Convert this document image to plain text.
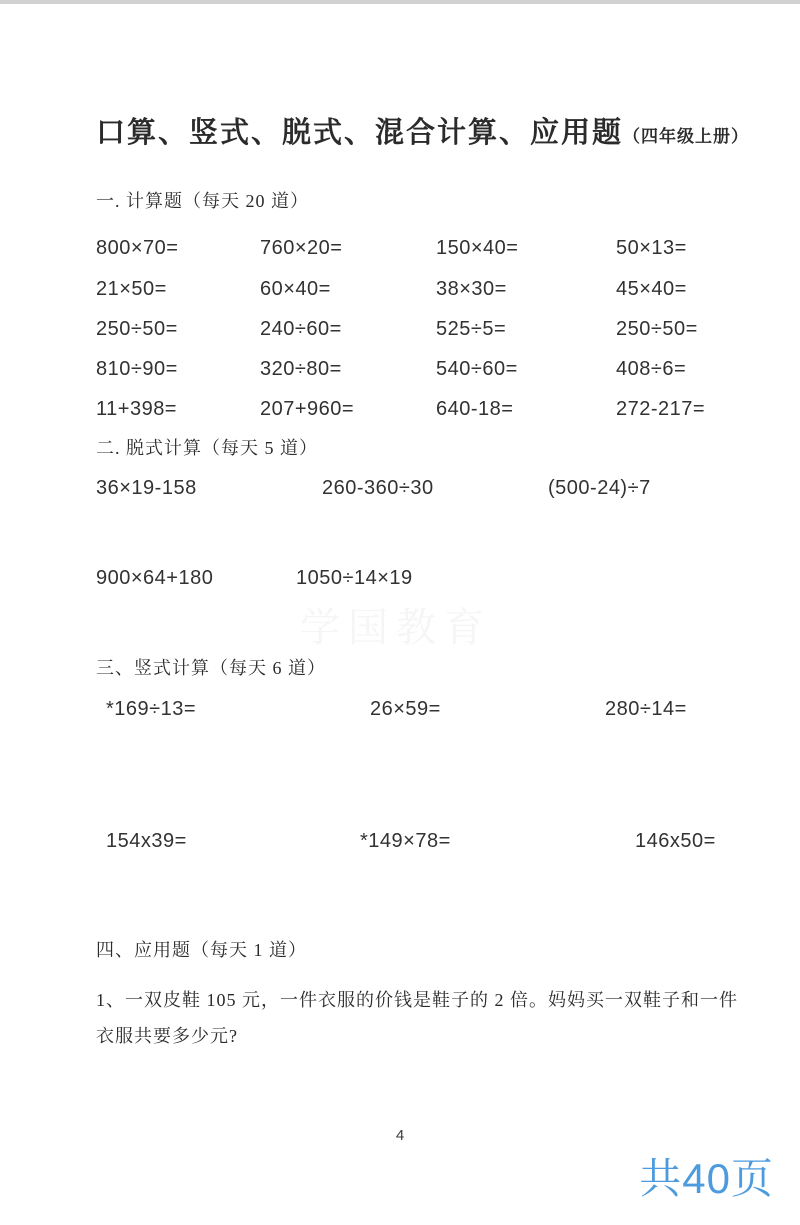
口算、竖式、脱式、混合计算、应用题（四年级上册）
一. 计算题（每天 20 道）
800×70=	760×20=	150×40=	50×13=
21×50=	60×40=	38×30=	45×40=
250÷50=	240÷60=	525÷5=	250÷50=
810÷90=	320÷80=	540÷60=	408÷6=
11+398=	207+960=	640-18=	272-217=
二. 脱式计算（每天 5 道）
36×19-158	260-360÷30	(500-24)÷7
900×64+180	1050÷14×19
学国教育
三、竖式计算（每天 6 道）
*169÷13=	26×59=	280÷14=
154x39=	*149×78=	146x50=
四、应用题（每天 1 道）
1、一双皮鞋 105 元，一件衣服的价钱是鞋子的 2 倍。妈妈买一双鞋子和一件衣服共要多少元?
4
共40页
